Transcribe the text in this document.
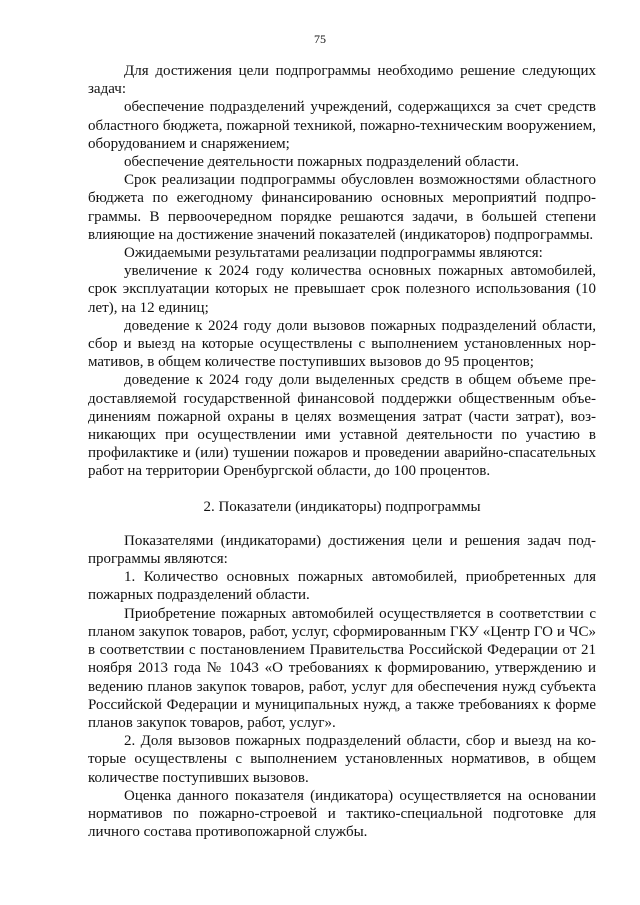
75

Для достижения цели подпрограммы необходимо решение следующих задач:

обеспечение подразделений учреждений, содержащихся за счет средств областного бюджета, пожарной техникой, пожарно-техническим вооружением, оборудованием и снаряжением;

обеспечение деятельности пожарных подразделений области.

Срок реализации подпрограммы обусловлен возможностями областного бюджета по ежегодному финансированию основных мероприятий подпрограммы. В первоочередном порядке решаются задачи, в большей степени влияющие на достижение значений показателей (индикаторов) подпрограммы.

Ожидаемыми результатами реализации подпрограммы являются:

увеличение к 2024 году количества основных пожарных автомобилей, срок эксплуатации которых не превышает срок полезного использования (10 лет), на 12 единиц;

доведение к 2024 году доли вызовов пожарных подразделений области, сбор и выезд на которые осуществлены с выполнением установленных нормативов, в общем количестве поступивших вызовов до 95 процентов;

доведение к 2024 году доли выделенных средств в общем объеме предоставляемой государственной финансовой поддержки общественным объединениям пожарной охраны в целях возмещения затрат (части затрат), возникающих при осуществлении ими уставной деятельности по участию в профилактике и (или) тушении пожаров и проведении аварийно-спасательных работ на территории Оренбургской области, до 100 процентов.

2. Показатели (индикаторы) подпрограммы

Показателями (индикаторами) достижения цели и решения задач подпрограммы являются:

1. Количество основных пожарных автомобилей, приобретенных для пожарных подразделений области.

Приобретение пожарных автомобилей осуществляется в соответствии с планом закупок товаров, работ, услуг, сформированным ГКУ «Центр ГО и ЧС» в соответствии с постановлением Правительства Российской Федерации от 21 ноября 2013 года № 1043 «О требованиях к формированию, утверждению и ведению планов закупок товаров, работ, услуг для обеспечения нужд субъекта Российской Федерации и муниципальных нужд, а также требованиях к форме планов закупок товаров, работ, услуг».

2. Доля вызовов пожарных подразделений области, сбор и выезд на которые осуществлены с выполнением установленных нормативов, в общем количестве поступивших вызовов.

Оценка данного показателя (индикатора) осуществляется на основании нормативов по пожарно-строевой и тактико-специальной подготовке для личного состава противопожарной службы.
